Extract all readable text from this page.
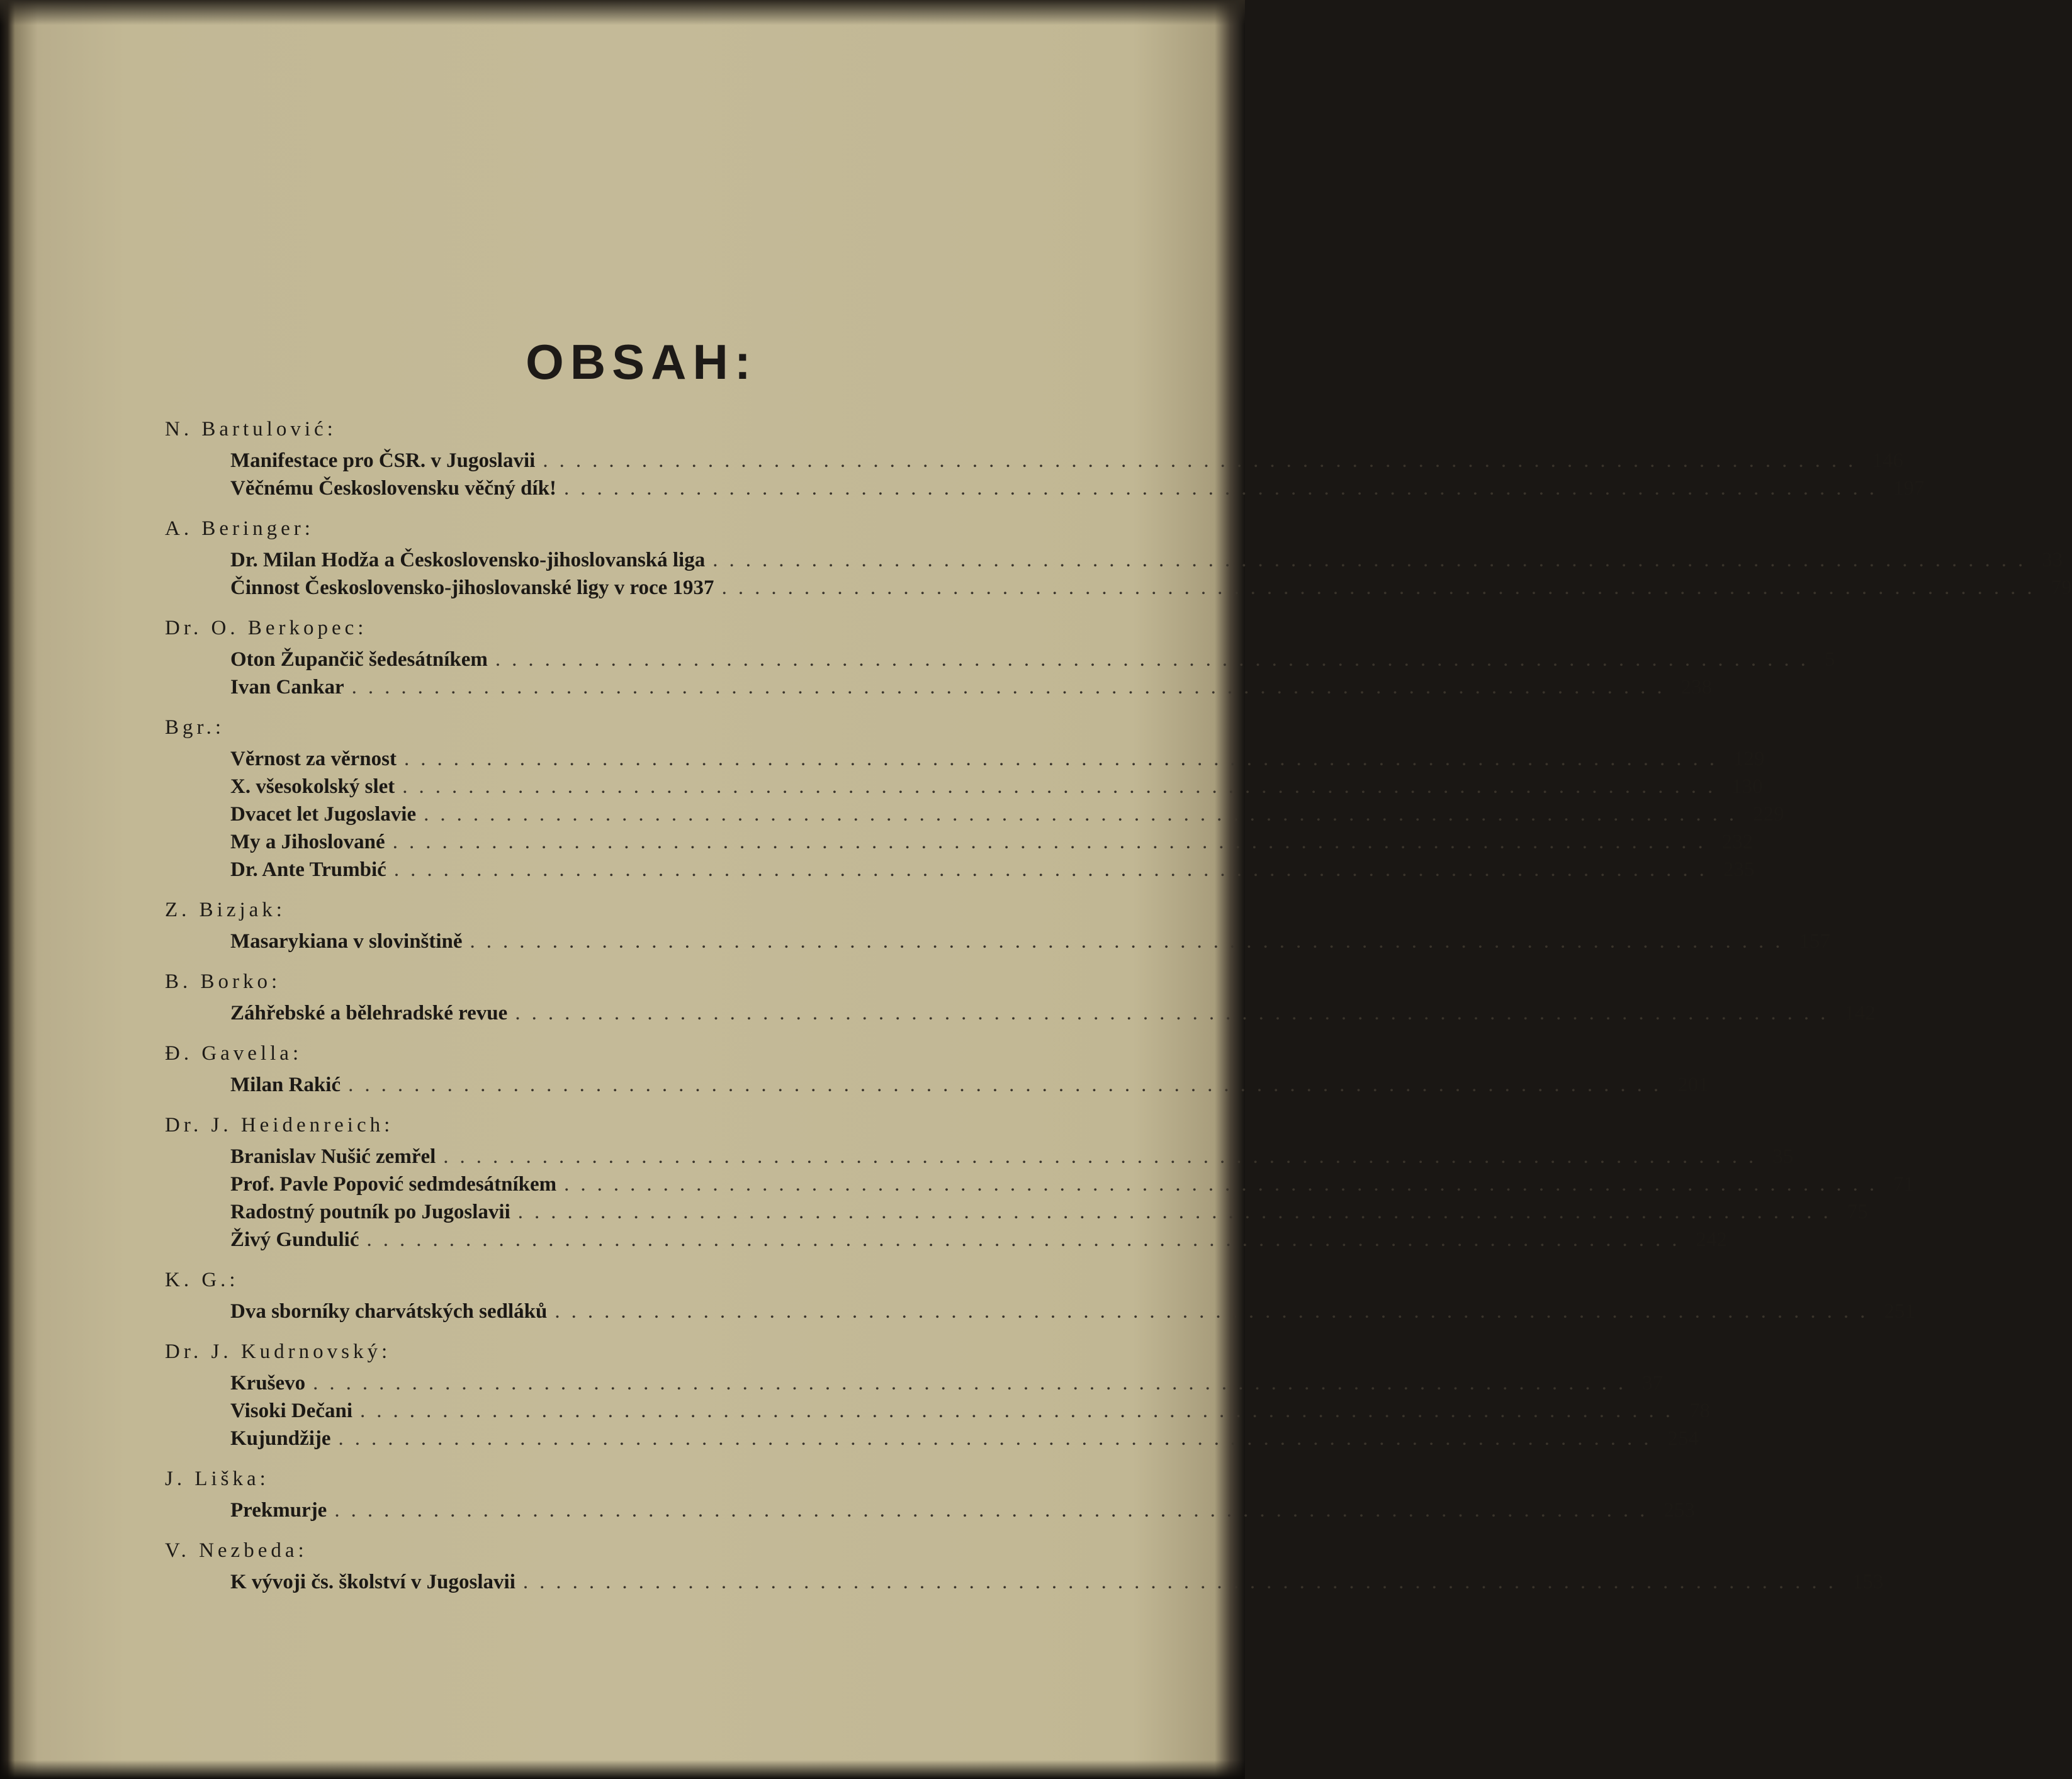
OBSAH:

N. Bartulović:

Manifestace pro ČSR. v Jugoslavii ................................................................................ 146
Věčnému Československu věčný dík! ................................................................................ 197

A. Beringer:

Dr. Milan Hodža a Československo-jihoslovanská liga ................................................................................ 33
Činnost Československo-jihoslovanské ligy v roce 1937 ................................................................................ 79

Dr. O. Berkopec:

Oton Župančič šedesátníkem ................................................................................ 5
Ivan Cankar ................................................................................ 238

Bgr.:

Věrnost za věrnost ................................................................................ 129
X. všesokolský slet ................................................................................ 130
Dvacet let Jugoslavie ................................................................................ 229
My a Jihoslované ................................................................................ 232
Dr. Ante Trumbić ................................................................................ 235

Z. Bizjak:

Masarykiana v slovinštině ................................................................................ 157

B. Borko:

Záhřebské a bělehradské revue ................................................................................ 142

Đ. Gavella:

Milan Rakić ................................................................................ 201

Dr. J. Heidenreich:

Branislav Nušić zemřel ................................................................................ 35
Prof. Pavle Popović sedmdesátníkem ................................................................................ 71
Radostný poutník po Jugoslavii ................................................................................ 75
Živý Gundulić ................................................................................ 242

K. G.:

Dva sborníky charvátských sedláků ................................................................................ 251

Dr. J. Kudrnovský:

Kruševo ................................................................................ 37
Visoki Dečani ................................................................................ 78
Kujundžije ................................................................................ 254

J. Liška:

Prekmurje ................................................................................ 253

V. Nezbeda:

K vývoji čs. školství v Jugoslavii ................................................................................ 153
